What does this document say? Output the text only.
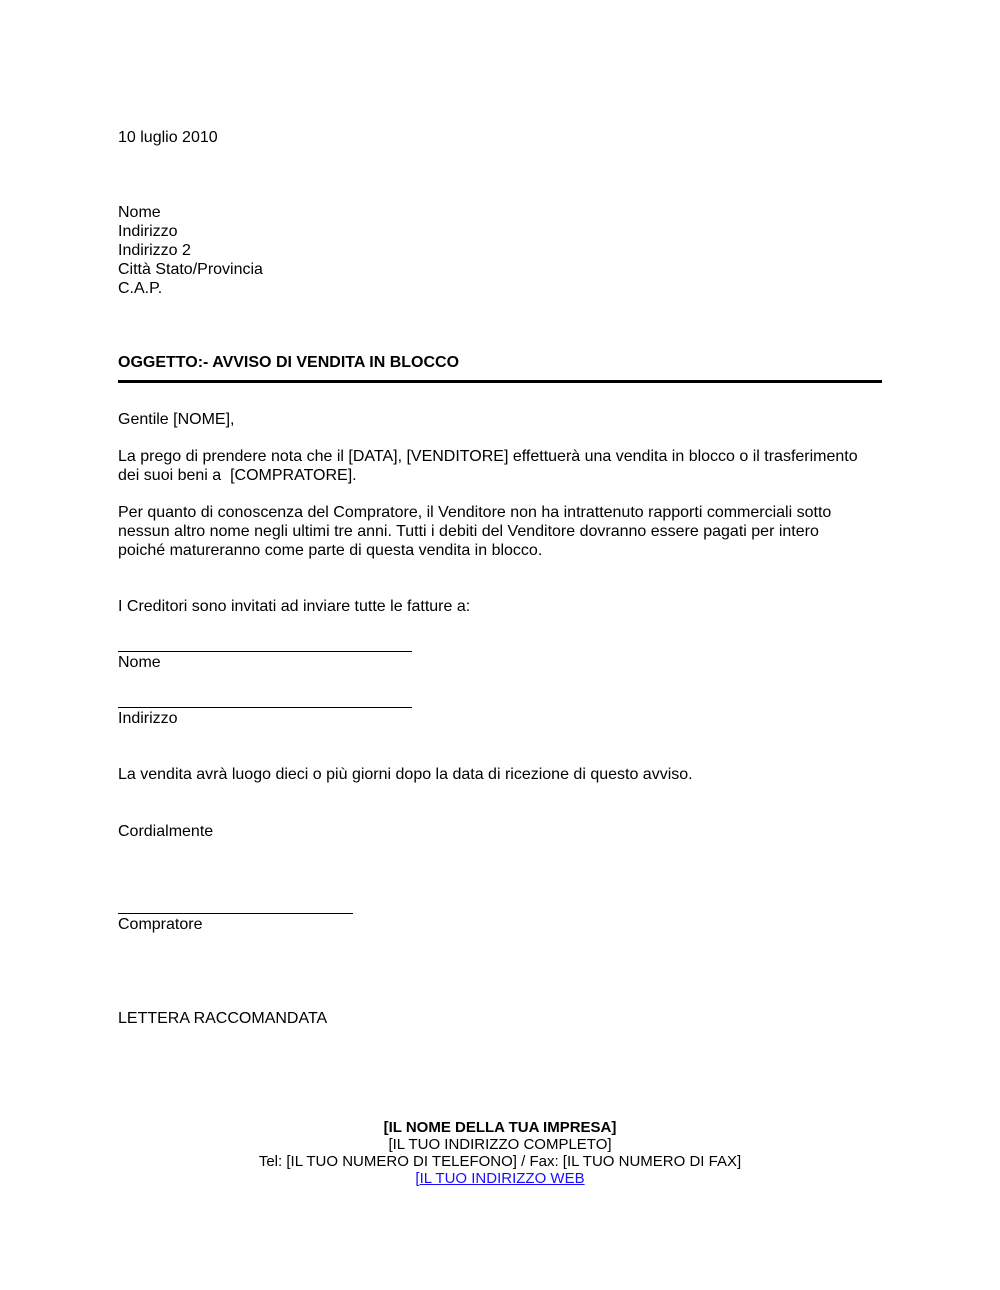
10 luglio 2010
Nome
Indirizzo
Indirizzo 2
Città Stato/Provincia
C.A.P.
OGGETTO:- AVVISO DI VENDITA IN BLOCCO
Gentile [NOME],
La prego di prendere nota che il [DATA], [VENDITORE] effettuerà una vendita in blocco o il trasferimento
dei suoi beni a  [COMPRATORE].
Per quanto di conoscenza del Compratore, il Venditore non ha intrattenuto rapporti commerciali sotto
nessun altro nome negli ultimi tre anni. Tutti i debiti del Venditore dovranno essere pagati per intero
poiché matureranno come parte di questa vendita in blocco.
I Creditori sono invitati ad inviare tutte le fatture a:
Nome
Indirizzo
La vendita avrà luogo dieci o più giorni dopo la data di ricezione di questo avviso.
Cordialmente
Compratore
LETTERA RACCOMANDATA
[IL NOME DELLA TUA IMPRESA]
[IL TUO INDIRIZZO COMPLETO]
Tel: [IL TUO NUMERO DI TELEFONO] / Fax: [IL TUO NUMERO DI FAX]
[IL TUO INDIRIZZO WEB
